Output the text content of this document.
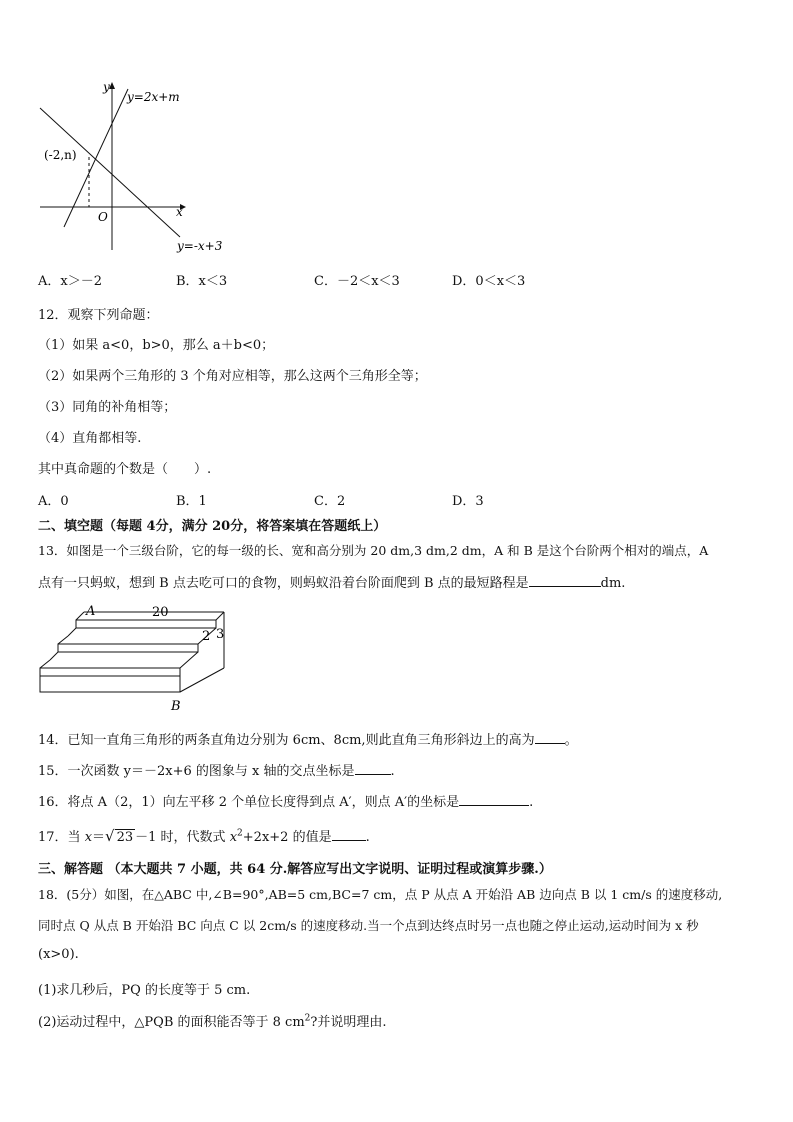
y
x
O
(-2,n)
y=2x+m
y=-x+3
A．x＞－2	B．x＜3	C．－2＜x＜3	D．0＜x＜3
12．观察下列命题：
（1）如果 a<0，b>0，那么 a＋b<0；
（2）如果两个三角形的 3 个角对应相等，那么这两个三角形全等；
（3）同角的补角相等；
（4）直角都相等.
其中真命题的个数是（　　）.
A．0	B．1	C．2	D．3
二、填空题（每题 4分，满分 20分，将答案填在答题纸上）
13．如图是一个三级台阶，它的每一级的长、宽和高分别为 20 dm,3 dm,2 dm，A 和 B 是这个台阶两个相对的端点，A
点有一只蚂蚁，想到 B 点去吃可口的食物，则蚂蚁沿着台阶面爬到 B 点的最短路程是	dm.
A	20
2 3
B
14．已知一直角三角形的两条直角边分别为 6cm、8cm,则此直角三角形斜边上的高为 。
15．一次函数 y＝－2x+6 的图象与 x 轴的交点坐标是	.
16．将点 A（2，1）向左平移 2 个单位长度得到点 A′，则点 A′的坐标是	.
17．当 x＝√ 23 －1 时，代数式 $x^2+2x+2$ 的值是	.
三、解答题 （本大题共 7 小题，共 64 分.解答应写出文字说明、证明过程或演算步骤.）
18．(5分）如图，在△ABC 中,∠B=90°,AB=5 cm,BC=7 cm，点 P 从点 A 开始沿 AB 边向点 B 以 1 cm/s 的速度移动,
同时点 Q 从点 B 开始沿 BC 向点 C 以 2cm/s 的速度移动.当一个点到达终点时另一点也随之停止运动,运动时间为 x 秒
(x>0).
(1)求几秒后，PQ 的长度等于 5 cm.
(2)运动过程中，△PQB 的面积能否等于 8 $cm^2$?并说明理由.
